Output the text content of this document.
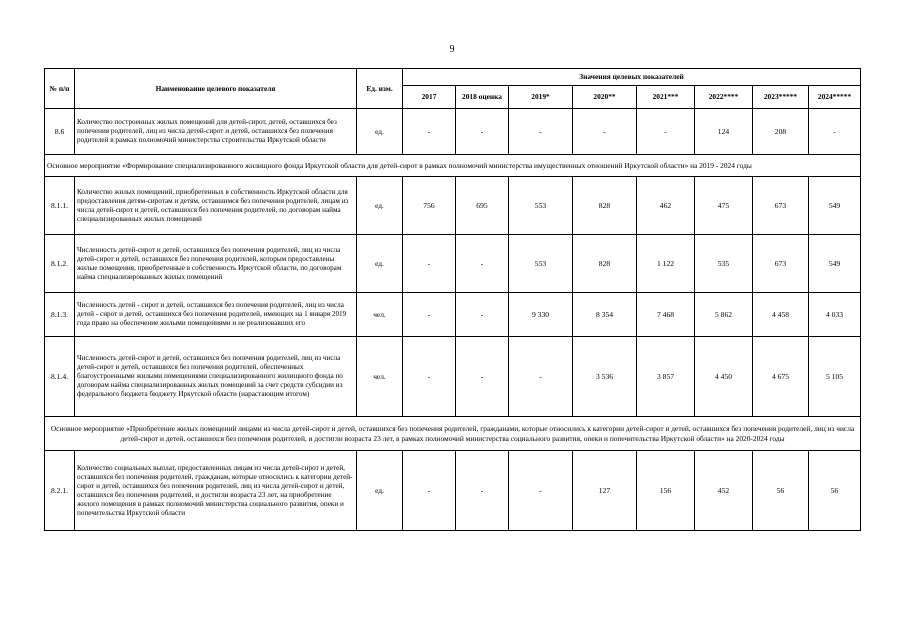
9
№ п/п	Наименование целевого показателя	Ед. изм.	Значения целевых показателей							
			2017	2018 оценка	2019*	2020**	2021***	2022****	2023*****	2024*****
8.6	Количество построенных жилых помещений для детей-сирот, детей, оставшихся без попечения родителей, лиц из числа детей-сирот и детей, оставшихся без попечения родителей в рамках полномочий министерства строительства Иркутской области	ед.	-	-	-	-	-	124	208	-
Основное мероприятие «Формирование специализированного жилищного фонда Иркутской области для детей-сирот в рамках полномочий министерства имущественных отношений Иркутской области» на 2019 - 2024 годы										
8.1.1.	Количество жилых помещений, приобретенных в собственность Иркутской области для предоставления детям-сиротам и детям, оставшимся без попечения родителей, лицам из числа детей-сирот и детей, оставшихся без попечения родителей, по договорам найма специализированных жилых помещений	ед.	756	695	553	828	462	475	673	549
8.1.2.	Численность детей-сирот и детей, оставшихся без попечения родителей, лиц из числа детей-сирот и детей, оставшихся без попечения родителей, которым предоставлены жилые помещения, приобретенные в собственность Иркутской области, по договорам найма специализированных жилых помещений	ед.	-	-	553	828	1 122	535	673	549
8.1.3.	Численность детей - сирот и детей, оставшихся без попечения родителей, лиц из числа детей - сирот и детей, оставшихся без попечения родителей, имеющих на 1 января 2019 года право на обеспечение жилыми помещениями и не реализовавших его	чел.	-	-	9 330	8 354	7 468	5 862	4 458	4 033
8.1.4.	Численность детей-сирот и детей, оставшихся без попечения родителей, лиц из числа детей-сирот и детей, оставшихся без попечения родителей, обеспеченных благоустроенными жилыми помещениями специализированного жилищного фонда по договорам найма специализированных жилых помещений за счет средств субсидии из федерального бюджета бюджету Иркутской области (нарастающим итогом)	чел.	-	-	-	3 536	3 857	4 450	4 675	5 105
Основное мероприятие «Приобретение жилых помещений лицами из числа детей-сирот и детей, оставшихся без попечения родителей, гражданами, которые относились к категории детей-сирот и детей, оставшихся без попечения родителей, лиц из числа детей-сирот и детей, оставшихся без попечения родителей, и достигли возраста 23 лет, в рамках полномочий министерства социального развития, опеки и попечительства Иркутской области» на 2020-2024 годы										
8.2.1.	Количество социальных выплат, предоставленных лицам из числа детей-сирот и детей, оставшихся без попечения родителей, гражданам, которые относились к категории детей-сирот и детей, оставшихся без попечения родителей, лиц из числа детей-сирот и детей, оставшихся без попечения родителей, и достигли возраста 23 лет, на приобретение жилого помещения в рамках полномочий министерства социального развития, опеки и попечительства Иркутской области	ед.	-	-	-	127	156	452	56	56
